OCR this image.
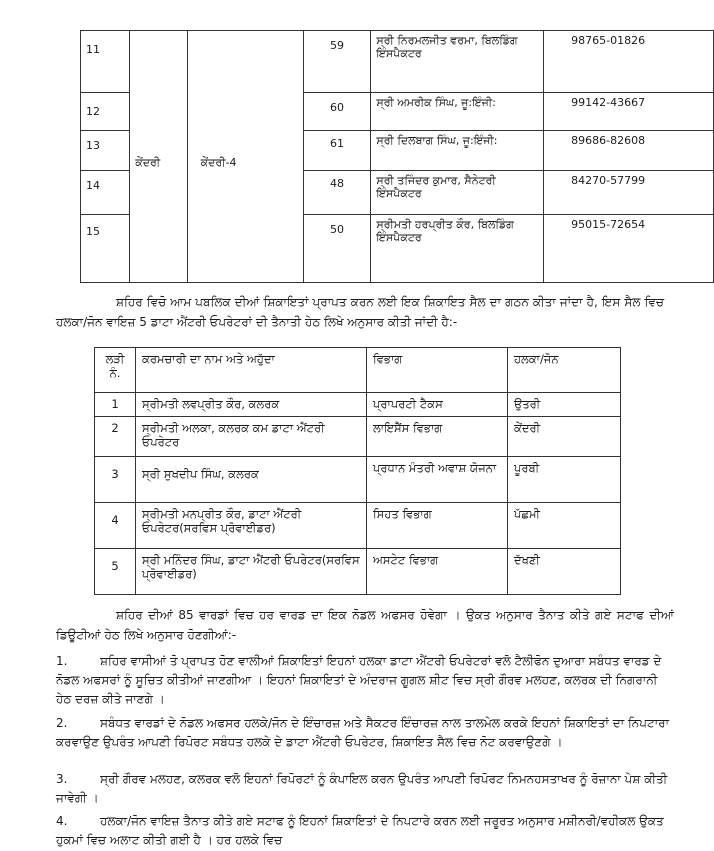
11	ਕੇਂਦਰੀ	ਕੇਂਦਰੀ-4	59	ਸ੍ਰੀ ਨਿਰਮਲਜੀਤ ਵਰਮਾ, ਬਿਲਡਿੰਗ ਇੰਸਪੈਕਟਰ	98765-01826

12			60	ਸ੍ਰੀ ਅਮਰੀਕ ਸਿੰਘ, ਜੂ:ਇੰਜੀ:	99142-43667

13			61	ਸ੍ਰੀ ਦਿਲਬਾਗ ਸਿੰਘ, ਜੂ:ਇੰਜੀ:	89686-82608

14			48	ਸ੍ਰੀ ਤਜਿੰਦਰ ਕੁਮਾਰ, ਸੈਨੇਟਰੀ ਇੰਸਪੈਕਟਰ	84270-57799

15			50	ਸ੍ਰੀਮਤੀ ਹਰਪ੍ਰੀਤ ਕੌਰ, ਬਿਲਡਿੰਗ ਇੰਸਪੈਕਟਰ	95015-72654

ਸ਼ਹਿਰ ਵਿਚੋ ਆਮ ਪਬਲਿਕ ਦੀਆਂ ਸ਼ਿਕਾਇਤਾਂ ਪ੍ਰਾਪਤ ਕਰਨ ਲਈ ਇਕ ਸ਼ਿਕਾਇਤ ਸੈਲ ਦਾ ਗਠਨ ਕੀਤਾ ਜਾਂਦਾ ਹੈ, ਇਸ ਸੈਲ ਵਿਚ ਹਲਕਾ/ਜੋਨ ਵਾਇਜ਼ 5 ਡਾਟਾ ਐਂਟਰੀ ਓਪਰੇਟਰਾਂ ਦੀ ਤੈਨਾਤੀ ਹੇਠ ਲਿਖੇ ਅਨੁਸਾਰ ਕੀਤੀ ਜਾਂਦੀ ਹੈ:-

ਲੜੀ ਨੰ.	ਕਰਮਚਾਰੀ ਦਾ ਨਾਮ ਅਤੇ ਅਹੁੱਦਾ	ਵਿਭਾਗ	ਹਲਕਾ/ਜੋਨ
1	ਸ੍ਰੀਮਤੀ ਲਵਪ੍ਰੀਤ ਕੌਰ, ਕਲਰਕ	ਪ੍ਰਾਪਰਟੀ ਟੈਕਸ	ਉਤਰੀ
2	ਸ੍ਰੀਮਤੀ ਅਲਕਾ, ਕਲਰਕ ਕਮ ਡਾਟਾ ਐਂਟਰੀ ਓਪਰੇਟਰ	ਲਾਇਸੈਂਸ ਵਿਭਾਗ	ਕੇਂਦਰੀ
3	ਸ੍ਰੀ ਸੁਖਦੀਪ ਸਿੰਘ, ਕਲਰਕ	ਪ੍ਰਧਾਨ ਮੰਤਰੀ ਅਵਾਸ਼ ਯੋਜਨਾ	ਪੂਰਬੀ
4	ਸ੍ਰੀਮਤੀ ਮਨਪ੍ਰੀਤ ਕੌਰ, ਡਾਟਾ ਐਂਟਰੀ ਓਪਰੇਟਰ(ਸਰਵਿਸ ਪ੍ਰੋਵਾਈਡਰ)	ਸਿਹਤ ਵਿਭਾਗ	ਪੱਛਮੀ
5	ਸ੍ਰੀ ਮਨਿੰਦਰ ਸਿੰਘ, ਡਾਟਾ ਐਂਟਰੀ ਓਪਰੇਟਰ(ਸਰਵਿਸ ਪ੍ਰੋਵਾਈਡਰ)	ਅਸਟੇਟ ਵਿਭਾਗ	ਦੱਖਣੀ

ਸ਼ਹਿਰ ਦੀਆਂ 85 ਵਾਰਡਾਂ ਵਿਚ ਹਰ ਵਾਰਡ ਦਾ ਇਕ ਨੋਡਲ ਅਫਸਰ ਹੋਵੇਗਾ । ਉਕਤ ਅਨੁਸਾਰ ਤੈਨਾਤ ਕੀਤੇ ਗਏ ਸਟਾਫ ਦੀਆਂ ਡਿਊਟੀਆਂ ਹੇਠ ਲਿਖੇ ਅਨੁਸਾਰ ਹੋਣਗੀਆਂ:-

1.	ਸ਼ਹਿਰ ਵਾਸੀਆਂ ਤੋ ਪ੍ਰਾਪਤ ਹੋਣ ਵਾਲੀਆਂ ਸ਼ਿਕਾਇਤਾਂ ਇਹਨਾਂ ਹਲਕਾ ਡਾਟਾ ਐਂਟਰੀ ਓਪਰੇਟਰਾਂ ਵਲੋ ਟੈਲੀਫੋਨ ਦੁਆਰਾ ਸਬੰਧਤ ਵਾਰਡ ਦੇ ਨੋਡਲ ਅਫਸਰਾਂ ਨੂੰ ਸੂਚਿਤ ਕੀਤੀਆਂ ਜਾਣਗੀਆ । ਇਹਨਾਂ ਸ਼ਿਕਾਇਤਾਂ ਦੇ ਅੰਦਰਾਜ ਗੂਗਲ ਸ਼ੀਟ ਵਿਚ ਸ੍ਰੀ ਗੌਰਵ ਮਲਹਣ, ਕਲਰਕ ਦੀ ਨਿਗਰਾਨੀ ਹੇਠ ਦਰਜ਼ ਕੀਤੇ ਜਾਣਗੇ ।
2.	ਸਬੰਧਤ ਵਾਰਡਾਂ ਦੇ ਨੋਡਲ ਅਫਸਰ ਹਲਕੇ/ਜੋਨ ਦੇ ਇੰਚਾਰਜ਼ ਅਤੇ ਸੈਕਟਰ ਇੰਚਾਰਜ਼ ਨਾਲ ਤਾਲਮੇਲ ਕਰਕੇ ਇਹਨਾਂ ਸ਼ਿਕਾਇਤਾਂ ਦਾ ਨਿਪਟਾਰਾ ਕਰਵਾਉਣ ਉਪਰੰਤ ਆਪਣੀ ਰਿਪੋਰਟ ਸਬੰਧਤ ਹਲਕੇ ਦੇ ਡਾਟਾ ਐਂਟਰੀ ਓਪਰੇਟਰ, ਸ਼ਿਕਾਇਤ ਸੈਲ ਵਿਚ ਨੋਟ ਕਰਵਾਉਣਗੇ ।
3.	ਸ੍ਰੀ ਗੌਰਵ ਮਲਹਣ, ਕਲਰਕ ਵਲੋ ਇਹਨਾਂ ਰਿਪੋਰਟਾਂ ਨੂੰ ਕੰਪਾਇਲ ਕਰਨ ਉਪਰੰਤ ਆਪਣੀ ਰਿਪੋਰਟ ਨਿਮਨਹਸਤਾਖਰ ਨੂੰ ਰੋਜ਼ਾਨਾ ਪੇਸ਼ ਕੀਤੀ ਜਾਵੇਗੀ ।
4.	ਹਲਕਾ/ਜੋਨ ਵਾਇਜ਼ ਤੈਨਾਤ ਕੀਤੇ ਗਏ ਸਟਾਫ ਨੂੰ ਇਹਨਾਂ ਸ਼ਿਕਾਇਤਾਂ ਦੇ ਨਿਪਟਾਰੇ ਕਰਨ ਲਈ ਜਰੂਰਤ ਅਨੁਸਾਰ ਮਸ਼ੀਨਰੀ/ਵਹੀਕਲ ਉਕਤ ਹੁਕਮਾਂ ਵਿਚ ਅਲਾਟ ਕੀਤੀ ਗਈ ਹੈ । ਹਰ ਹਲਕੇ ਵਿਚ
